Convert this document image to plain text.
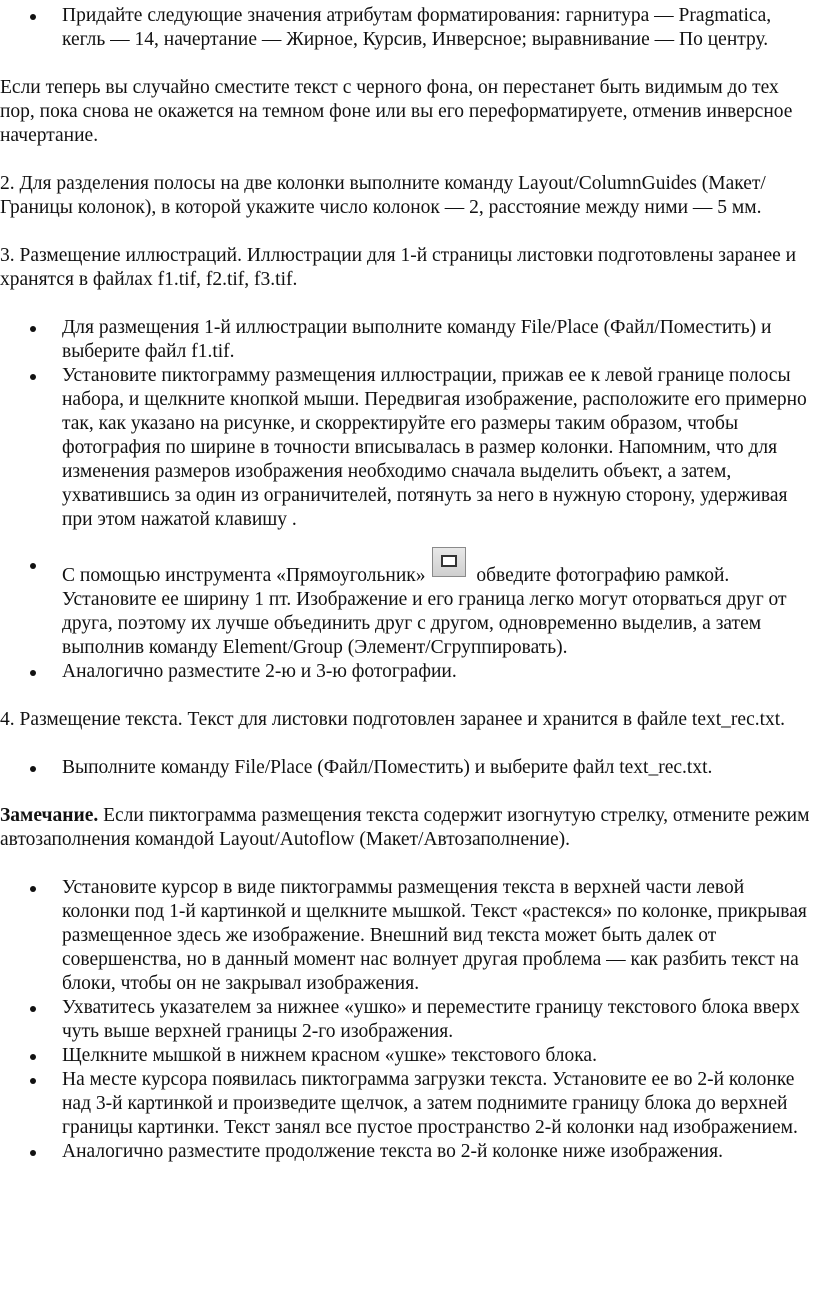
Придайте следующие значения атрибутам форматирования: гарнитура — Pragmatica, кегль — 14, начертание — Жирное, Курсив, Инверсное; выравнивание — По центру.

Если теперь вы случайно сместите текст с черного фона, он перестанет быть видимым до тех пор, пока снова не окажется на темном фоне или вы его переформатируете, отменив инверсное начертание.

2. Для разделения полосы на две колонки выполните команду Layout/ColumnGuides (Макет/Границы колонок), в которой укажите число колонок — 2, расстояние между ними — 5 мм.

3. Размещение иллюстраций. Иллюстрации для 1-й страницы листовки подготовлены заранее и хранятся в файлах f1.tif, f2.tif, f3.tif.

Для размещения 1-й иллюстрации выполните команду File/Place (Файл/Поместить) и выберите файл f1.tif.
Установите пиктограмму размещения иллюстрации, прижав ее к левой границе полосы набора, и щелкните кнопкой мыши. Передвигая изображение, расположите его примерно так, как указано на рисунке, и скорректируйте его размеры таким образом, чтобы фотография по ширине в точности вписывалась в размер колонки. Напомним, что для изменения размеров изображения необходимо сначала выделить объект, а затем, ухватившись за один из ограничителей, потянуть за него в нужную сторону, удерживая при этом нажатой клавишу .
С помощью инструмента «Прямоугольник» обведите фотографию рамкой. Установите ее ширину 1 пт. Изображение и его граница легко могут оторваться друг от друга, поэтому их лучше объединить друг с другом, одновременно выделив, а затем выполнив команду Element/Group (Элемент/Сгруппировать).
Аналогично разместите 2-ю и 3-ю фотографии.

4. Размещение текста. Текст для листовки подготовлен заранее и хранится в файле text_rec.txt.

Выполните команду File/Place (Файл/Поместить) и выберите файл text_rec.txt.

Замечание. Если пиктограмма размещения текста содержит изогнутую стрелку, отмените режим автозаполнения командой Layout/Autoflow (Макет/Автозаполнение).

Установите курсор в виде пиктограммы размещения текста в верхней части левой колонки под 1-й картинкой и щелкните мышкой. Текст «растекся» по колонке, прикрывая размещенное здесь же изображение. Внешний вид текста может быть далек от совершенства, но в данный момент нас волнует другая проблема — как разбить текст на блоки, чтобы он не закрывал изображения.
Ухватитесь указателем за нижнее «ушко» и переместите границу текстового блока вверх чуть выше верхней границы 2-го изображения.
Щелкните мышкой в нижнем красном «ушке» текстового блока.
На месте курсора появилась пиктограмма загрузки текста. Установите ее во 2-й колонке над 3-й картинкой и произведите щелчок, а затем поднимите границу блока до верхней границы картинки. Текст занял все пустое пространство 2-й колонки над изображением.
Аналогично разместите продолжение текста во 2-й колонке ниже изображения.
